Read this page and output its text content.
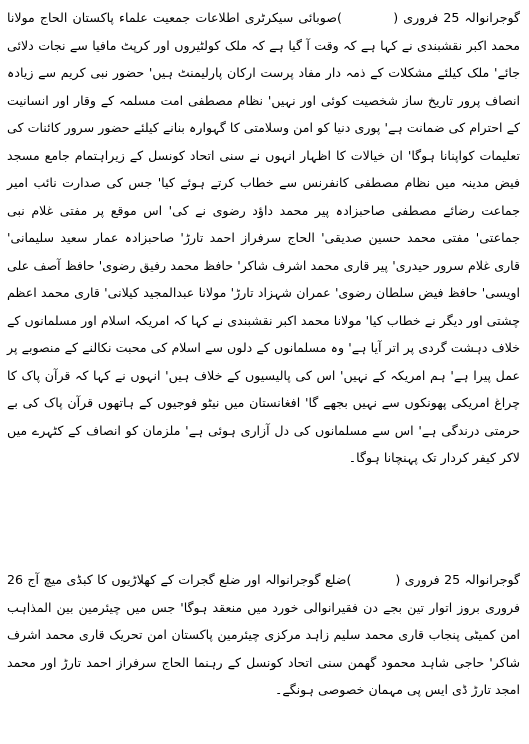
گوجرانوالہ 25 فروری (          )صوبائی سیکرٹری اطلاعات جمعیت علماء پاکستان الحاج مولانا محمد اکبر نقشبندی نے کہا ہے کہ وقت آ گیا ہے کہ ملک کولٹیروں اور کرپٹ مافیا سے نجات دلائی جائے' ملک کیلئے مشکلات کے ذمہ دار مفاد پرست ارکان پارلیمنٹ ہیں' حضور نبی کریم سے زیادہ انصاف پرور تاریخ ساز شخصیت کوئی اور نہیں' نظام مصطفی امت مسلمہ کے وقار اور انسانیت کے احترام کی ضمانت ہے' پوری دنیا کو امن وسلامتی کا گہوارہ بنانے کیلئے حضور سرور کائنات کی تعلیمات کواپنانا ہوگا' ان خیالات کا اظہار انہوں نے سنی اتحاد کونسل کے زیراہتمام جامع مسجد فیض مدینہ میں نظام مصطفی کانفرنس سے خطاب کرتے ہوئے کیا' جس کی صدارت نائب امیر جماعت رضائے مصطفی صاحبزادہ پیر محمد داؤد رضوی نے کی' اس موقع پر مفتی غلام نبی جماعتی' مفتی محمد حسین صدیقی' الحاج سرفراز احمد تارڑ' صاحبزادہ عمار سعید سلیمانی' قاری غلام سرور حیدری' پیر قاری محمد اشرف شاکر' حافظ محمد رفیق رضوی' حافظ آصف علی اویسی' حافظ فیض سلطان رضوی' عمران شہزاد تارڑ' مولانا عبدالمجید کیلانی' قاری محمد اعظم چشتی اور دیگر نے خطاب کیا' مولانا محمد اکبر نقشبندی نے کہا کہ امریکہ اسلام اور مسلمانوں کے خلاف دہشت گردی پر اتر آیا ہے' وہ مسلمانوں کے دلوں سے اسلام کی محبت نکالنے کے منصوبے پر عمل پیرا ہے' ہم امریکہ کے نہیں' اس کی پالیسیوں کے خلاف ہیں' انہوں نے کہا کہ قرآن پاک کا چراغ امریکی پھونکوں سے نہیں بجھے گا' افغانستان میں نیٹو فوجیوں کے ہاتھوں قرآن پاک کی بے حرمتی درندگی ہے' اس سے مسلمانوں کی دل آزاری ہوئی ہے' ملزمان کو انصاف کے کٹہرے میں لاکر کیفر کردار تک پہنچانا ہوگا۔

گوجرانوالہ 25 فروری (          )ضلع گوجرانوالہ اور ضلع گجرات کے کھلاڑیوں کا کبڈی میچ آج 26 فروری بروز اتوار تین بجے دن فقیرانوالی خورد میں منعقد ہوگا' جس میں چیئرمین بین المذاہب امن کمیٹی پنجاب قاری محمد سلیم زاہد مرکزی چیئرمین پاکستان امن تحریک قاری محمد اشرف شاکر' حاجی شاہد محمود گھمن سنی اتحاد کونسل کے رہنما الحاج سرفراز احمد تارڑ اور محمد امجد تارڑ ڈی ایس پی مہمان خصوصی ہونگے۔
